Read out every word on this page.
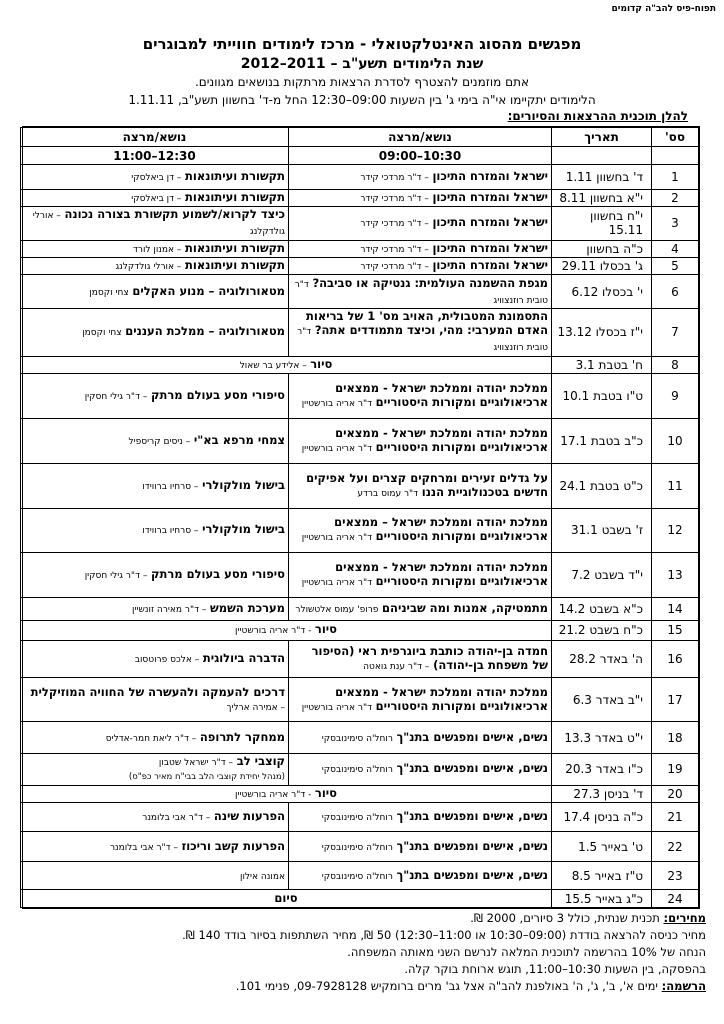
תפוח-פיס להב"ה קדומים
מפגשים מהסוג האינטלקטואלי - מרכז לימודים חווייתי למבוגרים
שנת הלימודים תשע"ב – 2011–2012
אתם מוזמנים להצטרף לסדרת הרצאות מרתקות בנושאים מגוונים.
הלימודים יתקיימו אי"ה בימי ג' בין השעות 09:00–12:30 החל מ-ד' בחשוון תשע"ב, 1.11.11
להלן תוכנית ההרצאות והסיורים:
סס'	תאריך	נושא/מרצה	נושא/מרצה
		09:00–10:30	11:00–12:30
1	ד' בחשוון 1.11	ישראל והמזרח התיכון – ד"ר מרדכי קידר	תקשורת ועיתונאות – דן ביאלסקי
2	י"א בחשוון 8.11	ישראל והמזרח התיכון – ד"ר מרדכי קידר	תקשורת ועיתונאות – דן ביאלסקי
3	י"ח בחשוון 15.11	ישראל והמזרח התיכון – ד"ר מרדכי קידר	כיצד לקרוא/לשמוע תקשורת בצורה נכונה – אורלי גולדקלנג
4	כ"ה בחשוון	ישראל והמזרח התיכון – ד"ר מרדכי קידר	תקשורת ועיתונאות – אמנון לורד
5	ג' בכסלו 29.11	ישראל והמזרח התיכון – ד"ר מרדכי קידר	תקשורת ועיתונאות – אורלי גולדקלנג
6	י' בכסלו 6.12	מגפת ההשמנה העולמית: גנטיקה או סביבה? ד"ר טובית רוזנצוויג	מטאורולוגיה – מנוע האקלים צחי וקסמן
7	י"ז בכסלו 13.12	התסמונת המטבולית, האויב מס' 1 של בריאות האדם המערבי: מהי, וכיצד מתמודדים אתה? ד"ר טובית רוזנצוויג	מטאורולוגיה – ממלכת העננים צחי וקסמן
8	ח' בטבת 3.1	סיור – אלידע בר שאול	
9	ט"ו בטבת 10.1	ממלכת יהודה וממלכת ישראל - ממצאים ארכיאולוגיים ומקורות היסטוריים ד"ר אריה בורשטיין	סיפורי מסע בעולם מרתק – ד"ר גילי חסקין
10	כ"ב בטבת 17.1	ממלכת יהודה וממלכת ישראל - ממצאים ארכיאולוגיים ומקורות היסטוריים ד"ר אריה בורשטיין	צמחי מרפא בא"י – ניסים קריספיל
11	כ"ט בטבת 24.1	על גדלים זעירים ומרחקים קצרים ועל אפיקים חדשים בטכנולוגיית הננו ד"ר עמוס ברדע	בישול מולקולרי – סרחיו ברווידו
12	ז' בשבט 31.1	ממלכת יהודה וממלכת ישראל – ממצאים ארכיאולוגיים ומקורות היסטוריים ד"ר אריה בורשטיין	בישול מולקולרי – סרחיו ברווידו
13	י"ד בשבט 7.2	ממלכת יהודה וממלכת ישראל - ממצאים ארכיאולוגיים ומקורות היסטוריים ד"ר אריה בורשטיין	סיפורי מסע בעולם מרתק – ד"ר גילי חסקין
14	כ"א בשבט 14.2	מתמטיקה, אמנות ומה שביניהם פרופ' עמוס אלטשולר	מערכת השמש – ד"ר מאירה זונשיין
15	כ"ח בשבט 21.2	סיור - ד"ר אריה בורשטיין	
16	ה' באדר 28.2	חמדה בן-יהודה כותבת ביוגרפית ראי (הסיפור של משפחת בן-יהודה) – ד"ר ענת גואטה	הדברה ביולוגית – אלכס פרוטסוב
17	י"ב באדר 6.3	ממלכת יהודה וממלכת ישראל - ממצאים ארכיאולוגיים ומקורות היסטוריים ד"ר אריה בורשטיין	דרכים להעמקה ולהעשרה של החוויה המוזיקלית – אמירה ארליך
18	י"ט באדר 13.3	נשים, אישים ומפגשים בתנ"ך רוחל'ה סימינובסקי	ממחקר לתרופה – ד"ר ליאת חמר-אדליס
19	כ"ו באדר 20.3	נשים, אישים ומפגשים בתנ"ך רוחל'ה סימינובסקי	קוצבי לב – ד"ר ישראל שטבון
(מנהל יחידת קוצבי הלב בבי"ח מאיר כפ"ס)

20	ד' בניסן 27.3	סיור - ד"ר אריה בורשטיין	
21	כ"ה בניסן 17.4	נשים, אישים ומפגשים בתנ"ך רוחל'ה סימינובסקי	הפרעות שינה – ד"ר אבי בלומנר
22	ט' באייר 1.5	נשים, אישים ומפגשים בתנ"ך רוחל'ה סימינובסקי	הפרעות קשב וריכוז – ד"ר אבי בלומנר
23	ט"ז באייר 8.5	נשים, אישים ומפגשים בתנ"ך רוחל'ה סימינובסקי	אמונה אילון
24	כ"ג באייר 15.5	סיום	
מחירים: תכנית שנתית, כולל 3 סיורים, 2000 ₪.
מחיר כניסה להרצאה בודדת (09:00–10:30 או 11:00–12:30) 50 ₪, מחיר השתתפות בסיור בודד 140 ₪.
הנחה של 10% בהרשמה לתוכנית המלאה לנרשם השני מאותה המשפחה.
בהפסקה, בין השעות 10:30–11:00, תוגש ארוחת בוקר קלה.
הרשמה: ימים א', ב', ג', ה' באולפנת להב"ה אצל גב' מרים ברומקיש 09-7928128, פנימי 101.
